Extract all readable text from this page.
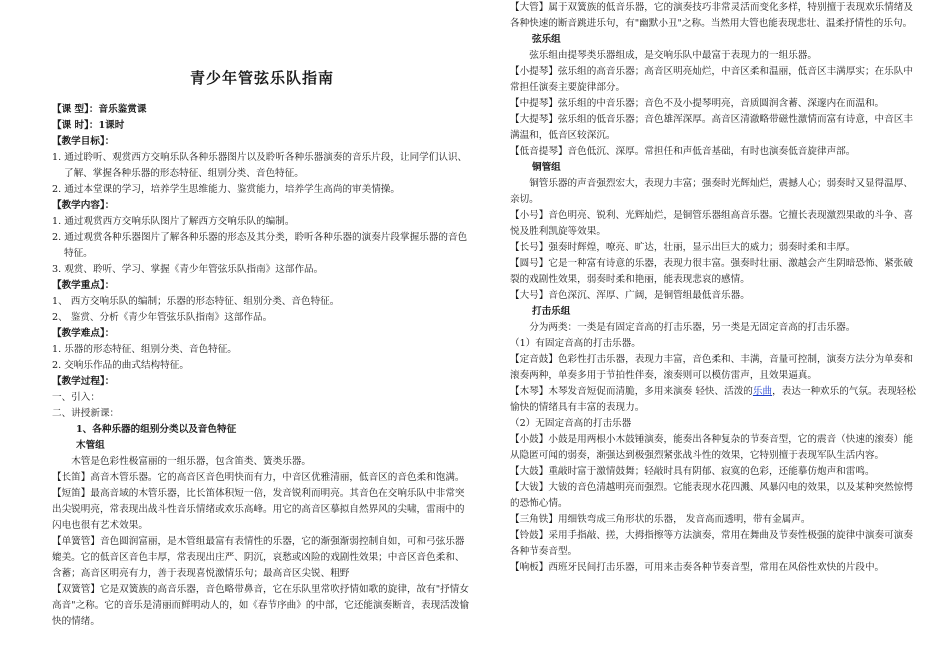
青少年管弦乐队指南

【课 型】：音乐鉴赏课

【课 时】：1课时

【教学目标】：

1. 通过聆听、观赏西方交响乐队各种乐器图片以及聆听各种乐器演奏的音乐片段，让同学们认识、了解、掌握各种乐器的形态特征、组别分类、音色特征。

2. 通过本堂课的学习，培养学生思维能力、鉴赏能力，培养学生高尚的审美情操。

【教学内容】：

1. 通过观赏西方交响乐队图片了解西方交响乐队的编制。

2. 通过观赏各种乐器图片了解各种乐器的形态及其分类，聆听各种乐器的演奏片段掌握乐器的音色特征。

3. 观赏、聆听、学习、掌握《青少年管弦乐队指南》这部作品。

【教学重点】：

1、 西方交响乐队的编制；乐器的形态特征、组别分类、音色特征。

2、 鉴赏、分析《青少年管弦乐队指南》这部作品。

【教学难点】：

1. 乐器的形态特征、组别分类、音色特征。

2. 交响乐作品的曲式结构特征。

【教学过程】：

一、引入：

二、讲授新课：

1、各种乐器的组别分类以及音色特征

木管组

木管是色彩性极富丽的一组乐器，包含笛类、簧类乐器。

【长笛】高音木管乐器。它的高音区音色明快而有力，中音区优雅清丽，低音区的音色柔和饱满。

【短笛】最高音域的木管乐器，比长笛体积短一倍，发音锐利而明亮。其音色在交响乐队中非常突出尖锐明亮，常表现出战斗性音乐情绪或欢乐高峰。用它的高音区摹拟自然界风的尖啸，雷雨中的闪电也很有艺术效果。

【单簧管】音色圆润富丽，是木管组最富有表情性的乐器，它的渐强渐弱控制自如，可和弓弦乐器媲美。它的低音区音色丰厚，常表现出庄严、阴沉，哀愁或凶险的戏剧性效果；中音区音色柔和、含蓄；高音区明亮有力，善于表现喜悦激情乐句；最高音区尖锐、粗野

【双簧管】它是双簧族的高音乐器，音色略带鼻音，它在乐队里常吹抒情如歌的旋律，故有"抒情女高音"之称。它的音乐是清丽而鲜明动人的，如《春节序曲》的中部，它还能演奏断音，表现活泼愉快的情绪。

【大管】属于双簧族的低音乐器，它的演奏技巧非常灵活而变化多样，特别擅于表现欢乐情绪及各种快速的断音跳进乐句，有"幽默小丑"之称。当然用大管也能表现悲壮、温柔抒情性的乐句。

弦乐组

弦乐组由提琴类乐器组成，是交响乐队中最富于表现力的一组乐器。

【小提琴】弦乐组的高音乐器；高音区明亮灿烂，中音区柔和温丽，低音区丰满厚实；在乐队中常担任演奏主要旋律部分。

【中提琴】弦乐组的中音乐器；音色不及小提琴明亮，音质圆润含蓄、深邃内在而温和。

【大提琴】弦乐组的低音乐器；音色雄浑深厚。高音区清澈略带磁性激情而富有诗意，中音区丰满温和，低音区较深沉。

【低音提琴】音色低沉、深厚。常担任和声低音基础，有时也演奏低音旋律声部。

铜管组

铜管乐器的声音强烈宏大，表现力丰富；强奏时光辉灿烂，震撼人心；弱奏时又显得温厚、亲切。

【小号】音色明亮、锐利、光辉灿烂，是铜管乐器组高音乐器。它擅长表现激烈果敢的斗争、喜悦及胜利凯旋等效果。

【长号】强奏时辉煌，嘹亮、旷达，壮丽，显示出巨大的威力；弱奏时柔和丰厚。

【圆号】它是一种富有诗意的乐器，表现力很丰富。强奏时壮丽、激越会产生阴暗恐怖、紧张破裂的戏剧性效果，弱奏时柔和艳丽，能表现悲哀的感情。

【大号】音色深沉、浑厚、广阔，是铜管组最低音乐器。

打击乐组

分为两类：一类是有固定音高的打击乐器，另一类是无固定音高的打击乐器。

（1）有固定音高的打击乐器。

【定音鼓】色彩性打击乐器，表现力丰富，音色柔和、丰满，音量可控制，演奏方法分为单奏和滚奏两种，单奏多用于节拍性伴奏，滚奏则可以模仿雷声，且效果逼真。

【木琴】木琴发音短促而清脆，多用来演奏 轻快、活泼的乐曲，表达一种欢乐的气氛。表现轻松愉快的情绪具有丰富的表现力。

（2）无固定音高的打击乐器

【小鼓】小鼓是用两根小木鼓锤演奏，能奏出各种复杂的节奏音型，它的震音（快速的滚奏）能从隐匿可闻的弱奏，渐强达到极强烈紧张战斗性的效果，它特别擅于表现军队生活内容。

【大鼓】重敲时富于激情鼓舞；轻敲时具有阴郁、寂寞的色彩，还能摹仿炮声和雷鸣。

【大钹】大钹的音色清越明亮而强烈。它能表现水花四溅、风暴闪电的效果，以及某种突然惊愕的恐怖心情。

【三角铁】用细铁弯成三角形状的乐器， 发音高而透明，带有金属声。

【铃鼓】采用手指敲、搓，大拇指擦等方法演奏，常用在舞曲及节奏性极强的旋律中演奏可演奏各种节奏音型。

【响板】西班牙民间打击乐器，可用来击奏各种节奏音型，常用在风俗性欢快的片段中。
